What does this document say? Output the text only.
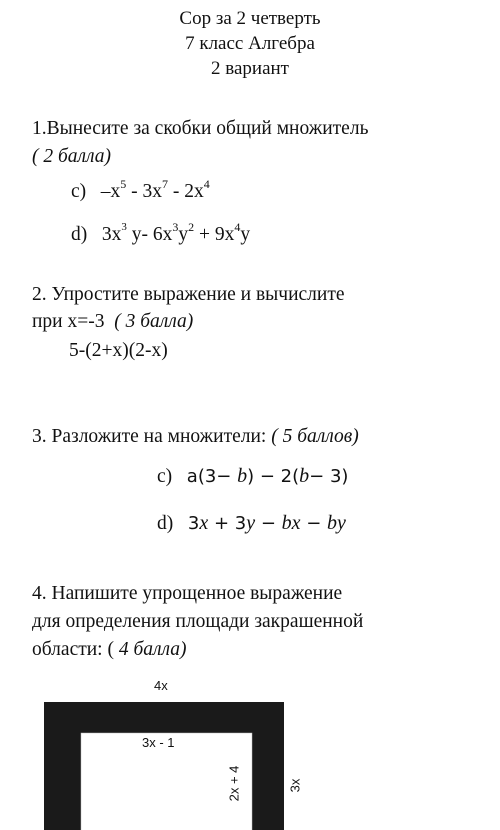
Сор за 2 четверть
7 класс Алгебра
2 вариант
1.Вынесите за скобки общий множитель
( 2 балла)
c) $-x^5 - 3x^7 - 2x^4$
d) $3x^3$ y- $6x^3y^2 + 9x^4y$
2. Упростите выражение и вычислите
при x=-3 ( 3 балла)
5-(2+x)(2-x)
3. Разложите на множители: ( 5 баллов)
c) a(3− b) − 2(b− 3)
d) 3x + 3y − bx − by
4. Напишите упрощенное выражение
для определения площади закрашенной
области: ( 4 балла)
4x
3x - 1
2x + 4	3x
